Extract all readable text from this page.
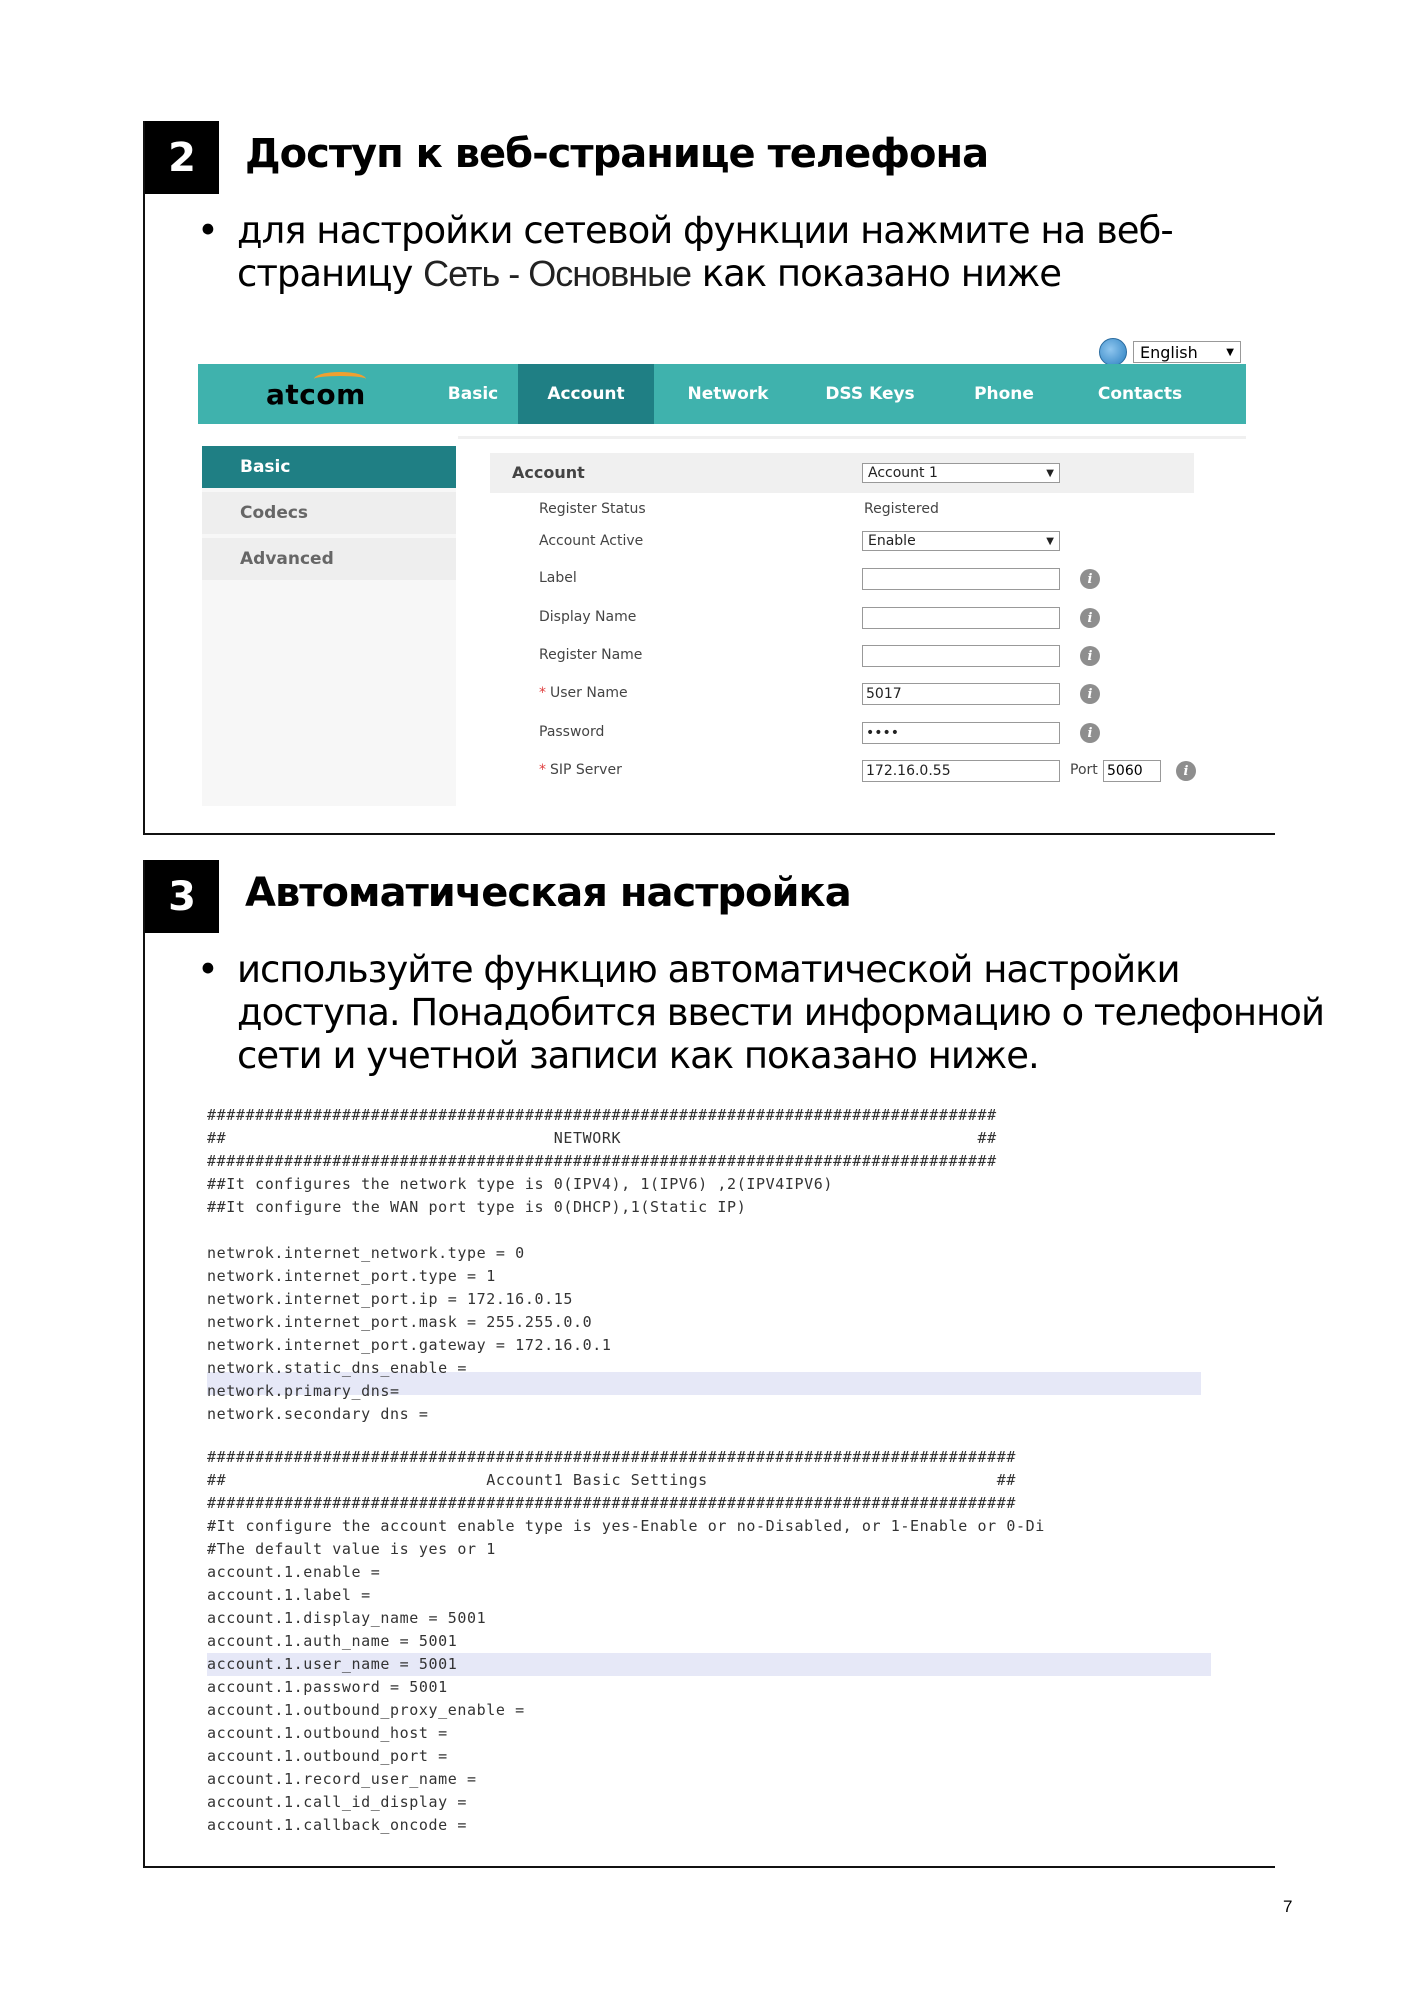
2	Доступ к веб-странице телефона
• для настройки сетевой функции нажмите на веб-
страницу Сеть - Основные как показано ниже
English	▼
atcom	Basic	Account	Network	DSS Keys	Phone	Contacts
Basic
Codecs
Advanced
Account	Account 1	▼
Register Status	Registered
Account Active	Enable	▼
Label	i
Display Name	i
Register Name	i
* User Name	5017	i
Password	••••	i
* SIP Server	172.16.0.55	Port 5060	i
3	Автоматическая настройка
• используйте функцию автоматической настройки
доступа. Понадобится ввести информацию о телефонной
сети и учетной записи как показано ниже.
##################################################################################
##                                  NETWORK                                     ##
##################################################################################
##It configures the network type is 0(IPV4), 1(IPV6) ,2(IPV4IPV6)
##It configure the WAN port type is 0(DHCP),1(Static IP)
netwrok.internet_network.type = 0
network.internet_port.type = 1
network.internet_port.ip = 172.16.0.15
network.internet_port.mask = 255.255.0.0
network.internet_port.gateway = 172.16.0.1
network.static_dns_enable =
network.primary_dns=
network.secondary dns =
####################################################################################
##                           Account1 Basic Settings                              ##
####################################################################################
#It configure the account enable type is yes-Enable or no-Disabled, or 1-Enable or 0-Di
#The default value is yes or 1
account.1.enable =
account.1.label =
account.1.display_name = 5001
account.1.auth_name = 5001
account.1.user_name = 5001
account.1.password = 5001
account.1.outbound_proxy_enable =
account.1.outbound_host =
account.1.outbound_port =
account.1.record_user_name =
account.1.call_id_display =
account.1.callback_oncode =
7
